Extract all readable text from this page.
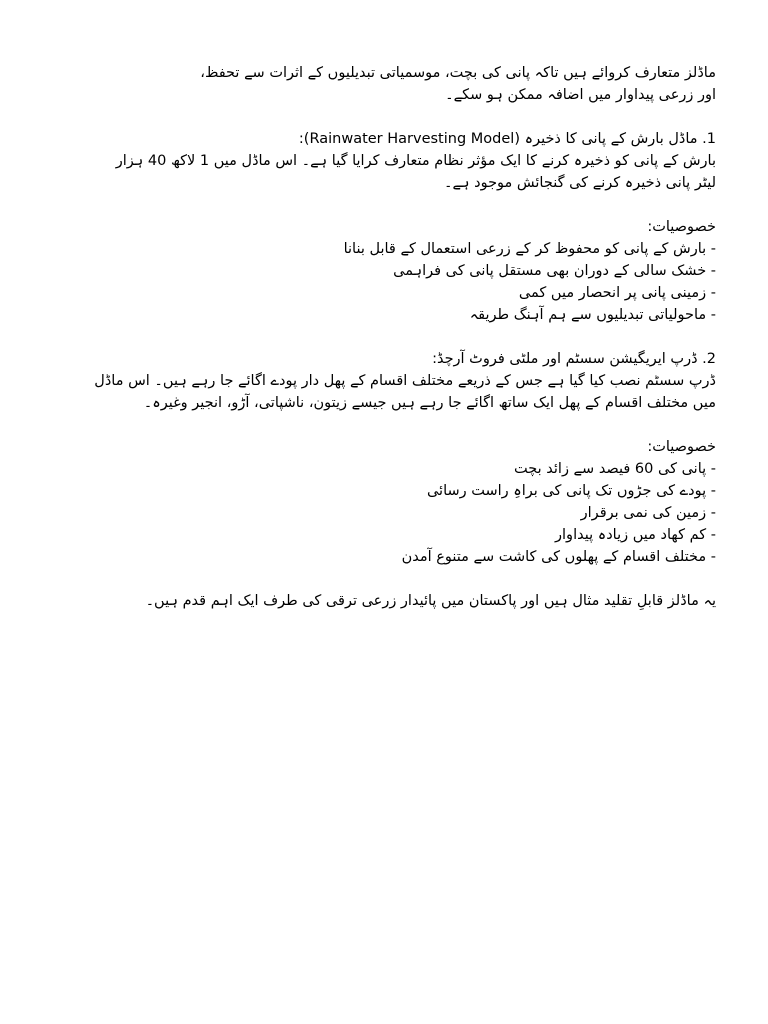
ماڈلز متعارف کروائے ہیں تاکہ پانی کی بچت، موسمیاتی تبدیلیوں کے اثرات سے تحفظ،
اور زرعی پیداوار میں اضافہ ممکن ہو سکے۔
1. ماڈل بارش کے پانی کا ذخیرہ (Rainwater Harvesting Model):
بارش کے پانی کو ذخیرہ کرنے کا ایک مؤثر نظام متعارف کرایا گیا ہے۔ اس ماڈل میں 1 لاکھ 40 ہزار
لیٹر پانی ذخیرہ کرنے کی گنجائش موجود ہے۔
خصوصیات:
- بارش کے پانی کو محفوظ کر کے زرعی استعمال کے قابل بنانا
- خشک سالی کے دوران بھی مستقل پانی کی فراہمی
- زمینی پانی پر انحصار میں کمی
- ماحولیاتی تبدیلیوں سے ہم آہنگ طریقہ
2. ڈرپ ایریگیشن سسٹم اور ملٹی فروٹ آرچڈ:
ڈرپ سسٹم نصب کیا گیا ہے جس کے ذریعے مختلف اقسام کے پھل دار پودے اگائے جا رہے ہیں۔ اس ماڈل
میں مختلف اقسام کے پھل ایک ساتھ اگائے جا رہے ہیں جیسے زیتون، ناشپاتی، آڑو، انجیر وغیرہ۔
خصوصیات:
- پانی کی 60 فیصد سے زائد بچت
- پودے کی جڑوں تک پانی کی براہِ راست رسائی
- زمین کی نمی برقرار
- کم کھاد میں زیادہ پیداوار
- مختلف اقسام کے پھلوں کی کاشت سے متنوع آمدن
یہ ماڈلز قابلِ تقلید مثال ہیں اور پاکستان میں پائیدار زرعی ترقی کی طرف ایک اہم قدم ہیں۔
